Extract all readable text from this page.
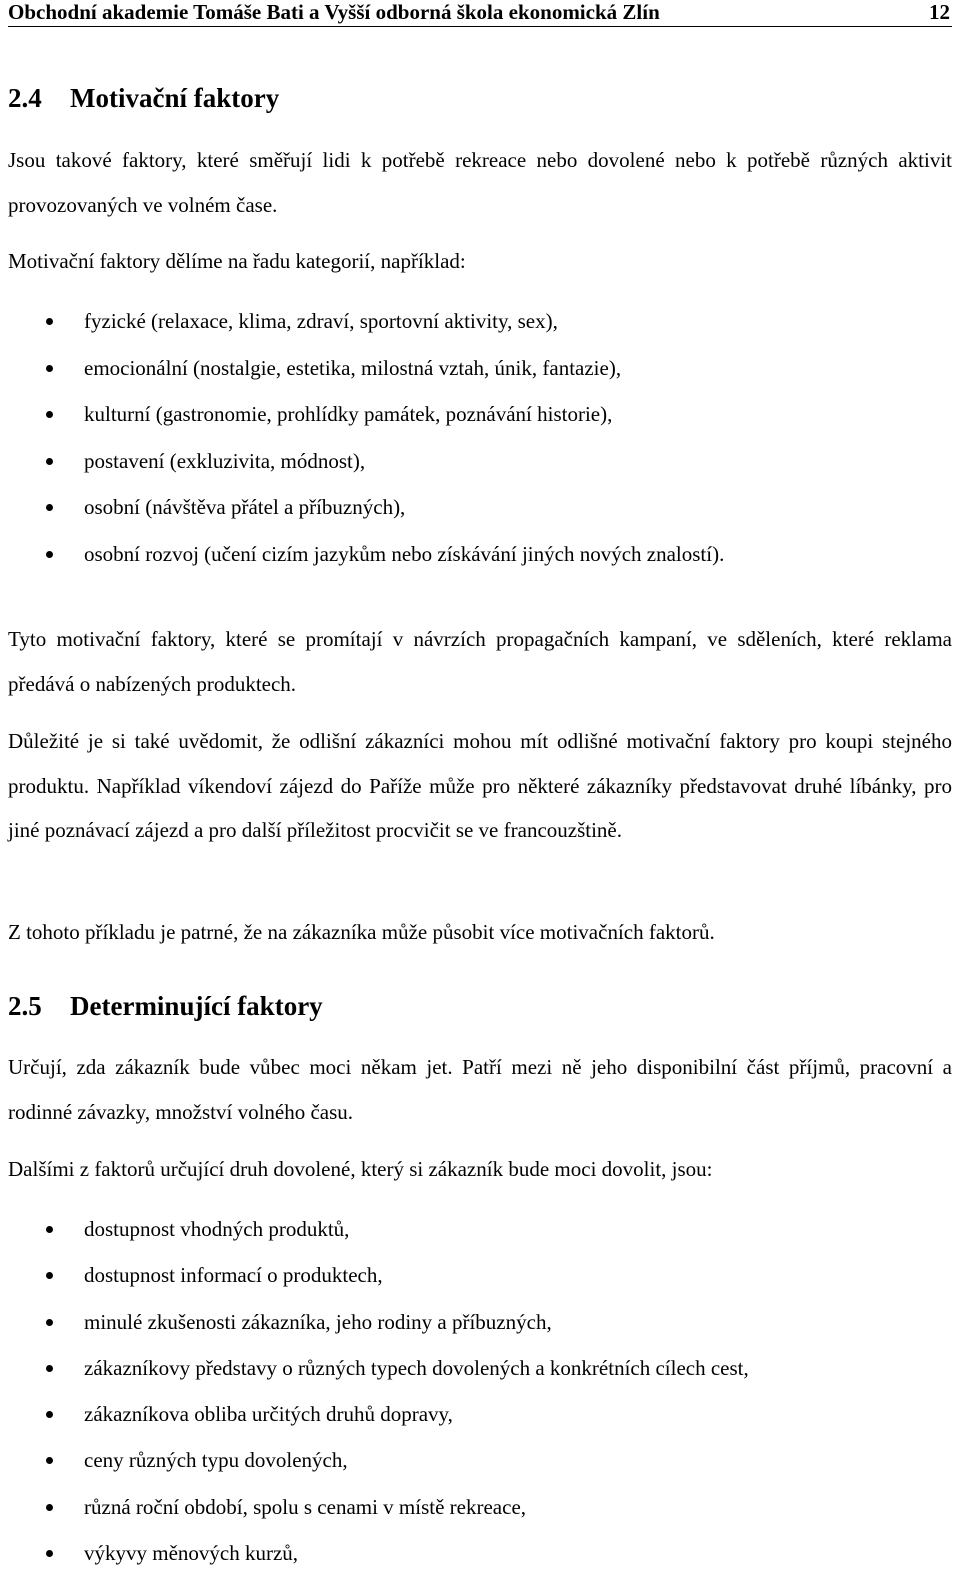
Obchodní akademie Tomáše Bati a Vyšší odborná škola ekonomická Zlín	12
2.4 Motivační faktory

Jsou takové faktory, které směřují lidi k potřebě rekreace nebo dovolené nebo k potřebě různých aktivit provozovaných ve volném čase.

Motivační faktory dělíme na řadu kategorií, například:

fyzické (relaxace, klima, zdraví, sportovní aktivity, sex),
emocionální (nostalgie, estetika, milostná vztah, únik, fantazie),
kulturní (gastronomie, prohlídky památek, poznávání historie),
postavení (exkluzivita, módnost),
osobní (návštěva přátel a příbuzných),
osobní rozvoj (učení cizím jazykům nebo získávání jiných nových znalostí).

Tyto motivační faktory, které se promítají v návrzích propagačních kampaní, ve sděleních, které reklama předává o nabízených produktech.

Důležité je si také uvědomit, že odlišní zákazníci mohou mít odlišné motivační faktory pro koupi stejného produktu. Například víkendoví zájezd do Paříže může pro některé zákazníky představovat druhé líbánky, pro jiné poznávací zájezd a pro další příležitost procvičit se ve francouzštině.

Z tohoto příkladu je patrné, že na zákazníka může působit více motivačních faktorů.

2.5 Determinující faktory

Určují, zda zákazník bude vůbec moci někam jet. Patří mezi ně jeho disponibilní část příjmů, pracovní a rodinné závazky, množství volného času.

Dalšími z faktorů určující druh dovolené, který si zákazník bude moci dovolit, jsou:

dostupnost vhodných produktů,
dostupnost informací o produktech,
minulé zkušenosti zákazníka, jeho rodiny a příbuzných,
zákazníkovy představy o různých typech dovolených a konkrétních cílech cest,
zákazníkova obliba určitých druhů dopravy,
ceny různých typu dovolených,
různá roční období, spolu s cenami v místě rekreace,
výkyvy měnových kurzů,
